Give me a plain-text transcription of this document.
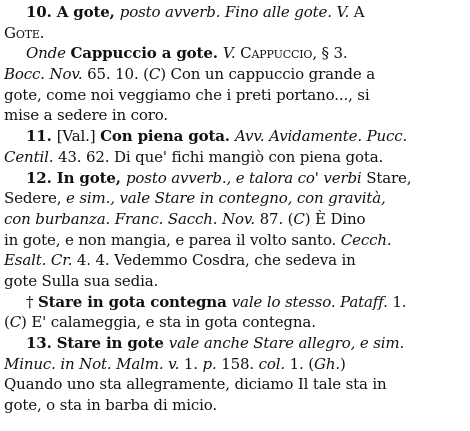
10. A gote, posto avverb. Fino alle gote. V. A
Gote.
Onde Cappuccio a gote. V. Cappuccio, § 3.
Bocc. Nov. 65. 10. (C) Con un cappuccio grande a
gote, come noi veggiamo che i preti portano..., si
mise a sedere in coro.
11. [Val.] Con piena gota. Avv. Avidamente. Pucc.
Centil. 43. 62. Di que' fichi mangiò con piena gota.
12. In gote, posto avverb., e talora co' verbi Stare,
Sedere, e sim., vale Stare in contegno, con gravità,
con burbanza. Franc. Sacch. Nov. 87. (C) È Dino
in gote, e non mangia, e parea il volto santo. Cecch.
Esalt. Cr. 4. 4. Vedemmo Cosdra, che sedeva in
gote Sulla sua sedia.
† Stare in gota contegna vale lo stesso. Pataff. 1.
(C) E' calameggia, e sta in gota contegna.
13. Stare in gote vale anche Stare allegro, e sim.
Minuc. in Not. Malm. v. 1. p. 158. col. 1. (Gh.)
Quando uno sta allegramente, diciamo Il tale sta in
gote, o sta in barba di micio.
